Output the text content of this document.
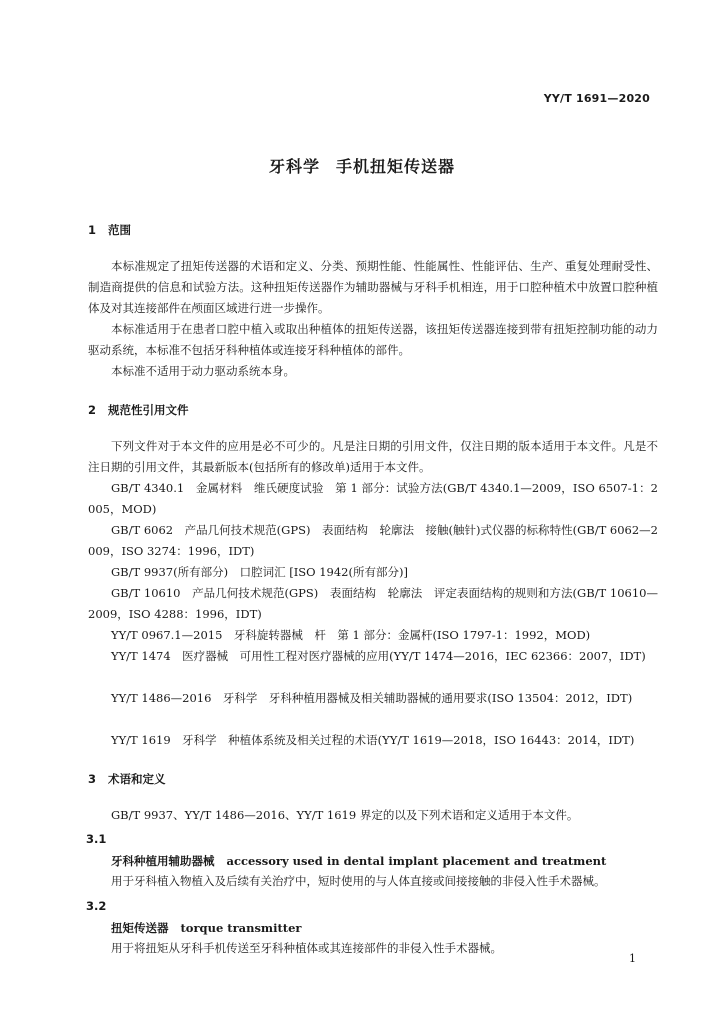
YY/T 1691—2020
牙科学 手机扭矩传送器
1 范围
本标准规定了扭矩传送器的术语和定义、分类、预期性能、性能属性、性能评估、生产、重复处理耐受性、制造商提供的信息和试验方法。这种扭矩传送器作为辅助器械与牙科手机相连，用于口腔种植术中放置口腔种植体及对其连接部件在颅面区域进行进一步操作。
本标准适用于在患者口腔中植入或取出种植体的扭矩传送器，该扭矩传送器连接到带有扭矩控制功能的动力驱动系统，本标准不包括牙科种植体或连接牙科种植体的部件。
本标准不适用于动力驱动系统本身。
2 规范性引用文件
下列文件对于本文件的应用是必不可少的。凡是注日期的引用文件，仅注日期的版本适用于本文件。凡是不注日期的引用文件，其最新版本(包括所有的修改单)适用于本文件。
GB/T 4340.1　金属材料　维氏硬度试验　第 1 部分：试验方法(GB/T 4340.1—2009，ISO 6507-1：2005，MOD)
GB/T 6062　产品几何技术规范(GPS)　表面结构　轮廓法　接触(触针)式仪器的标称特性(GB/T 6062—2009，ISO 3274：1996，IDT)
GB/T 9937(所有部分)　口腔词汇 [ISO 1942(所有部分)]
GB/T 10610　产品几何技术规范(GPS)　表面结构　轮廓法　评定表面结构的规则和方法(GB/T 10610—2009，ISO 4288：1996，IDT)
YY/T 0967.1—2015　牙科旋转器械　杆　第 1 部分：金属杆(ISO 1797-1：1992，MOD)
YY/T 1474　医疗器械　可用性工程对医疗器械的应用(YY/T 1474—2016，IEC 62366：2007，IDT)
YY/T 1486—2016　牙科学　牙科种植用器械及相关辅助器械的通用要求(ISO 13504：2012，IDT)
YY/T 1619　牙科学　种植体系统及相关过程的术语(YY/T 1619—2018，ISO 16443：2014，IDT)
3 术语和定义
GB/T 9937、YY/T 1486—2016、YY/T 1619 界定的以及下列术语和定义适用于本文件。
3.1
牙科种植用辅助器械 accessory used in dental implant placement and treatment
用于牙科植入物植入及后续有关治疗中，短时使用的与人体直接或间接接触的非侵入性手术器械。
3.2
扭矩传送器 torque transmitter
用于将扭矩从牙科手机传送至牙科种植体或其连接部件的非侵入性手术器械。
1
